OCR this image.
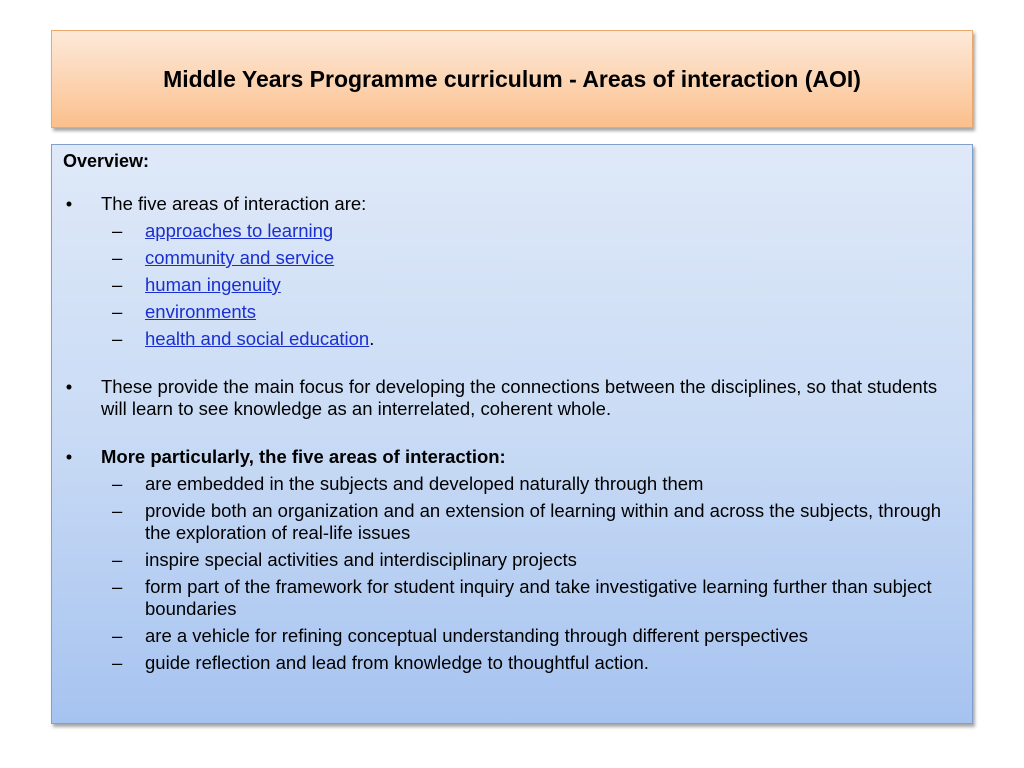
Middle Years Programme curriculum - Areas of interaction (AOI)

Overview:

• The five areas of interaction are:
– approaches to learning
– community and service
– human ingenuity
– environments
– health and social education.
• These provide the main focus for developing the connections between the disciplines, so that students will learn to see knowledge as an interrelated, coherent whole.
• More particularly, the five areas of interaction:
– are embedded in the subjects and developed naturally through them
– provide both an organization and an extension of learning within and across the subjects, through the exploration of real-life issues
– inspire special activities and interdisciplinary projects
– form part of the framework for student inquiry and take investigative learning further than subject boundaries
– are a vehicle for refining conceptual understanding through different perspectives
– guide reflection and lead from knowledge to thoughtful action.
